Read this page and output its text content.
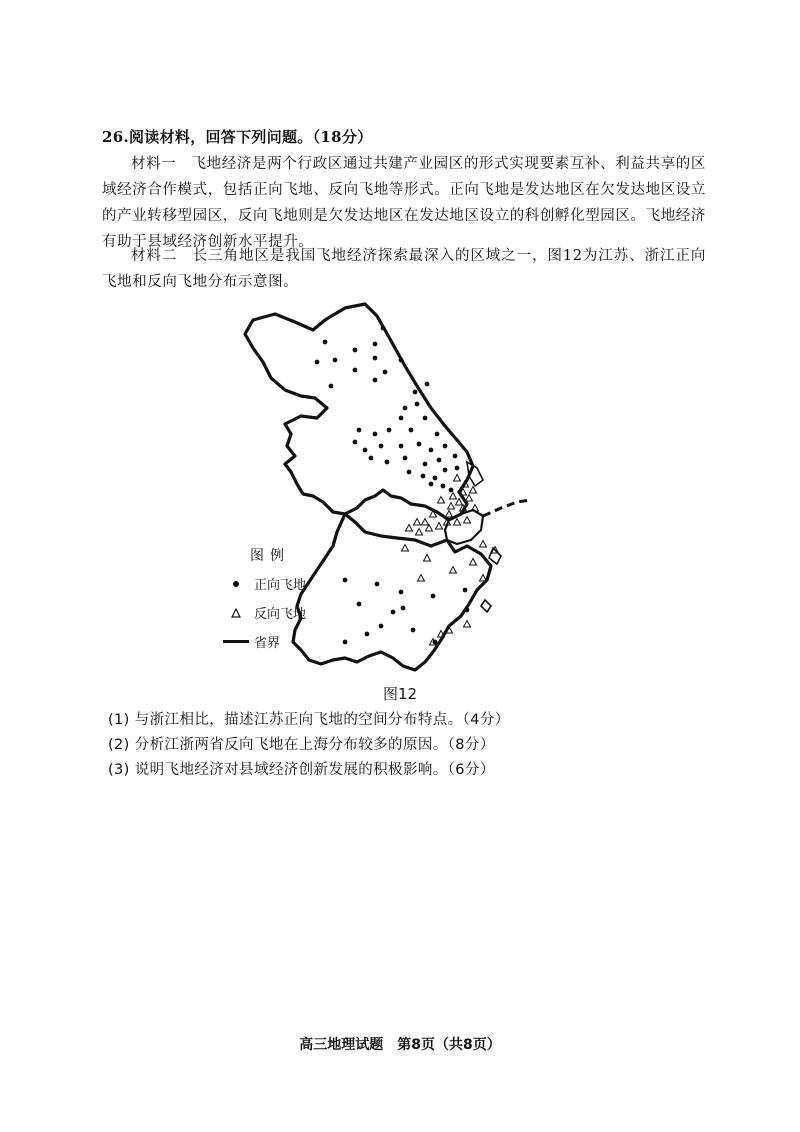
26.阅读材料，回答下列问题。（18分）
材料一　飞地经济是两个行政区通过共建产业园区的形式实现要素互补、利益共享的区域经济合作模式，包括正向飞地、反向飞地等形式。正向飞地是发达地区在欠发达地区设立的产业转移型园区，反向飞地则是欠发达地区在发达地区设立的科创孵化型园区。飞地经济有助于县域经济创新水平提升。
材料二　长三角地区是我国飞地经济探索最深入的区域之一，图12为江苏、浙江正向飞地和反向飞地分布示意图。
图例
正向飞地
反向飞地
省界
图12
(1) 与浙江相比，描述江苏正向飞地的空间分布特点。（4分）
(2) 分析江浙两省反向飞地在上海分布较多的原因。（8分）
(3) 说明飞地经济对县域经济创新发展的积极影响。（6分）
高三地理试题　第8页（共8页）
